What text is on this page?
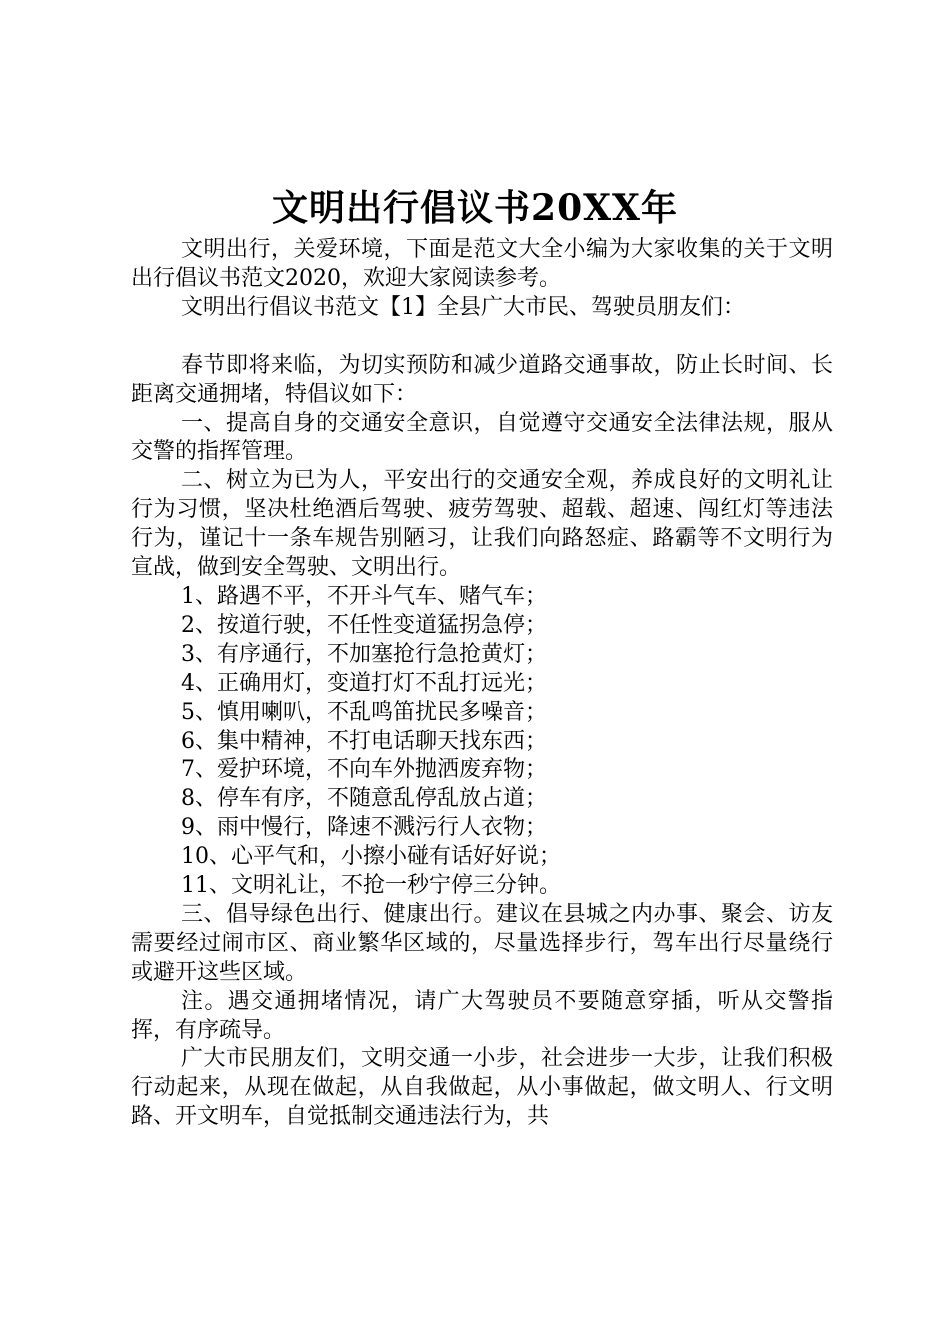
文明出行倡议书20XX年

文明出行，关爱环境，下面是范文大全小编为大家收集的关于文明出行倡议书范文2020，欢迎大家阅读参考。

文明出行倡议书范文【1】全县广大市民、驾驶员朋友们：

春节即将来临，为切实预防和减少道路交通事故，防止长时间、长距离交通拥堵，特倡议如下：

一、提高自身的交通安全意识，自觉遵守交通安全法律法规，服从交警的指挥管理。

二、树立为已为人，平安出行的交通安全观，养成良好的文明礼让行为习惯，坚决杜绝酒后驾驶、疲劳驾驶、超载、超速、闯红灯等违法行为，谨记十一条车规告别陋习，让我们向路怒症、路霸等不文明行为宣战，做到安全驾驶、文明出行。

1、路遇不平，不开斗气车、赌气车；

2、按道行驶，不任性变道猛拐急停；

3、有序通行，不加塞抢行急抢黄灯；

4、正确用灯，变道打灯不乱打远光；

5、慎用喇叭，不乱鸣笛扰民多噪音；

6、集中精神，不打电话聊天找东西；

7、爱护环境，不向车外抛洒废弃物；

8、停车有序，不随意乱停乱放占道；

9、雨中慢行，降速不溅污行人衣物；

10、心平气和，小擦小碰有话好好说；

11、文明礼让，不抢一秒宁停三分钟。

三、倡导绿色出行、健康出行。建议在县城之内办事、聚会、访友需要经过闹市区、商业繁华区域的，尽量选择步行，驾车出行尽量绕行或避开这些区域。

注。遇交通拥堵情况，请广大驾驶员不要随意穿插，听从交警指挥，有序疏导。

广大市民朋友们，文明交通一小步，社会进步一大步，让我们积极行动起来，从现在做起，从自我做起，从小事做起，做文明人、行文明路、开文明车，自觉抵制交通违法行为，共
